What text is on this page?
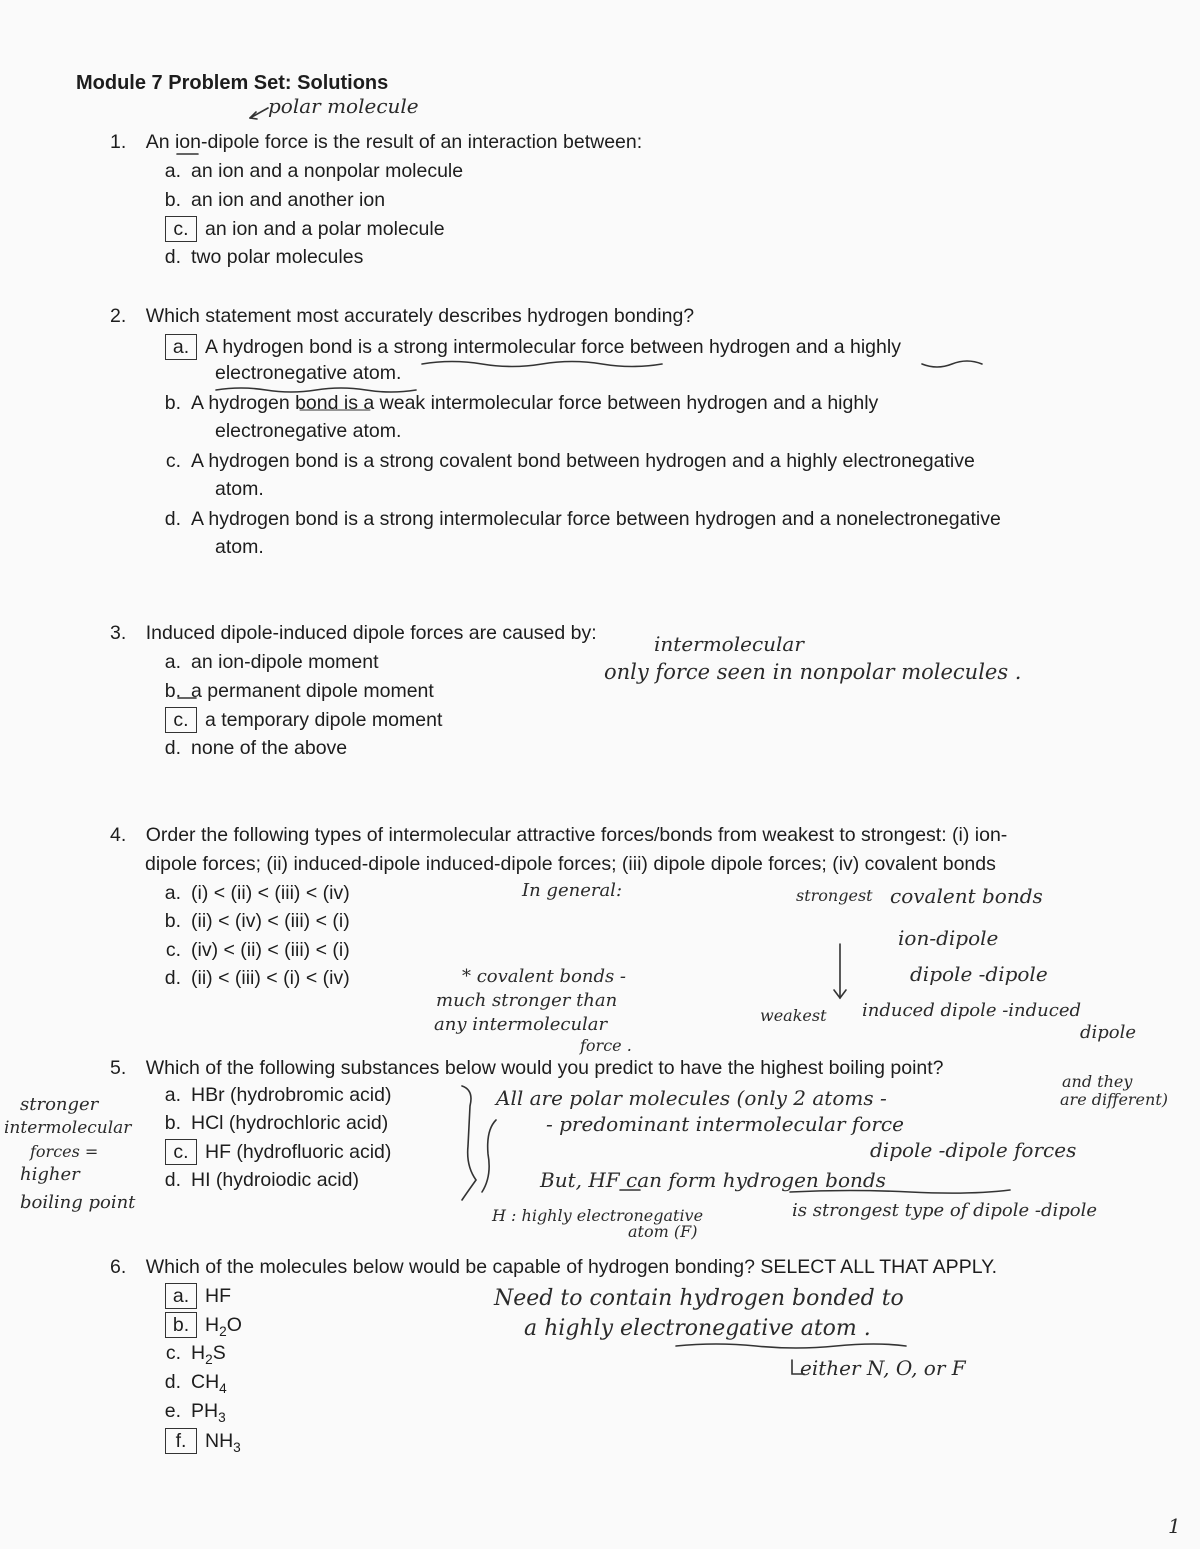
Module 7 Problem Set: Solutions
polar molecule
1. An ion-dipole force is the result of an interaction between:
a. an ion and a nonpolar molecule
b. an ion and another ion
c. an ion and a polar molecule
d. two polar molecules
2. Which statement most accurately describes hydrogen bonding?
a. A hydrogen bond is a strong intermolecular force between hydrogen and a highly
electronegative atom.
b. A hydrogen bond is a weak intermolecular force between hydrogen and a highly
electronegative atom.
c. A hydrogen bond is a strong covalent bond between hydrogen and a highly electronegative
atom.
d. A hydrogen bond is a strong intermolecular force between hydrogen and a nonelectronegative
atom.
3. Induced dipole-induced dipole forces are caused by:
a. an ion-dipole moment
b. a permanent dipole moment
c. a temporary dipole moment
d. none of the above
intermolecular
only force seen in nonpolar molecules .
4. Order the following types of intermolecular attractive forces/bonds from weakest to strongest: (i) ion-
dipole forces; (ii) induced-dipole induced-dipole forces; (iii) dipole dipole forces; (iv) covalent bonds
a. (i) < (ii) < (iii) < (iv)
b. (ii) < (iv) < (iii) < (i)
c. (iv) < (ii) < (iii) < (i)
d. (ii) < (iii) < (i) < (iv)
In general:	strongest covalent bonds
ion-dipole
dipole -dipole
weakest induced dipole -induced
dipole
* covalent bonds -
much stronger than
any intermolecular
force .
5. Which of the following substances below would you predict to have the highest boiling point?
a. HBr (hydrobromic acid)
b. HCl (hydrochloric acid)
c. HF (hydrofluoric acid)
d. HI (hydroiodic acid)
stronger
intermolecular
forces =
higher
boiling point
All are polar molecules (only 2 atoms -
and they
are different)
- predominant intermolecular force
dipole -dipole forces
But, HF can form hydrogen bonds
H : highly electronegative
atom (F)
is strongest type of dipole -dipole
6. Which of the molecules below would be capable of hydrogen bonding? SELECT ALL THAT APPLY.
a. HF
b. $H_2O$
c. $H_2S$
d. $CH_4$
e. $PH_3$
f. $NH_3$
Need to contain hydrogen bonded to
a highly electronegative atom .
either N, O, or F
1
